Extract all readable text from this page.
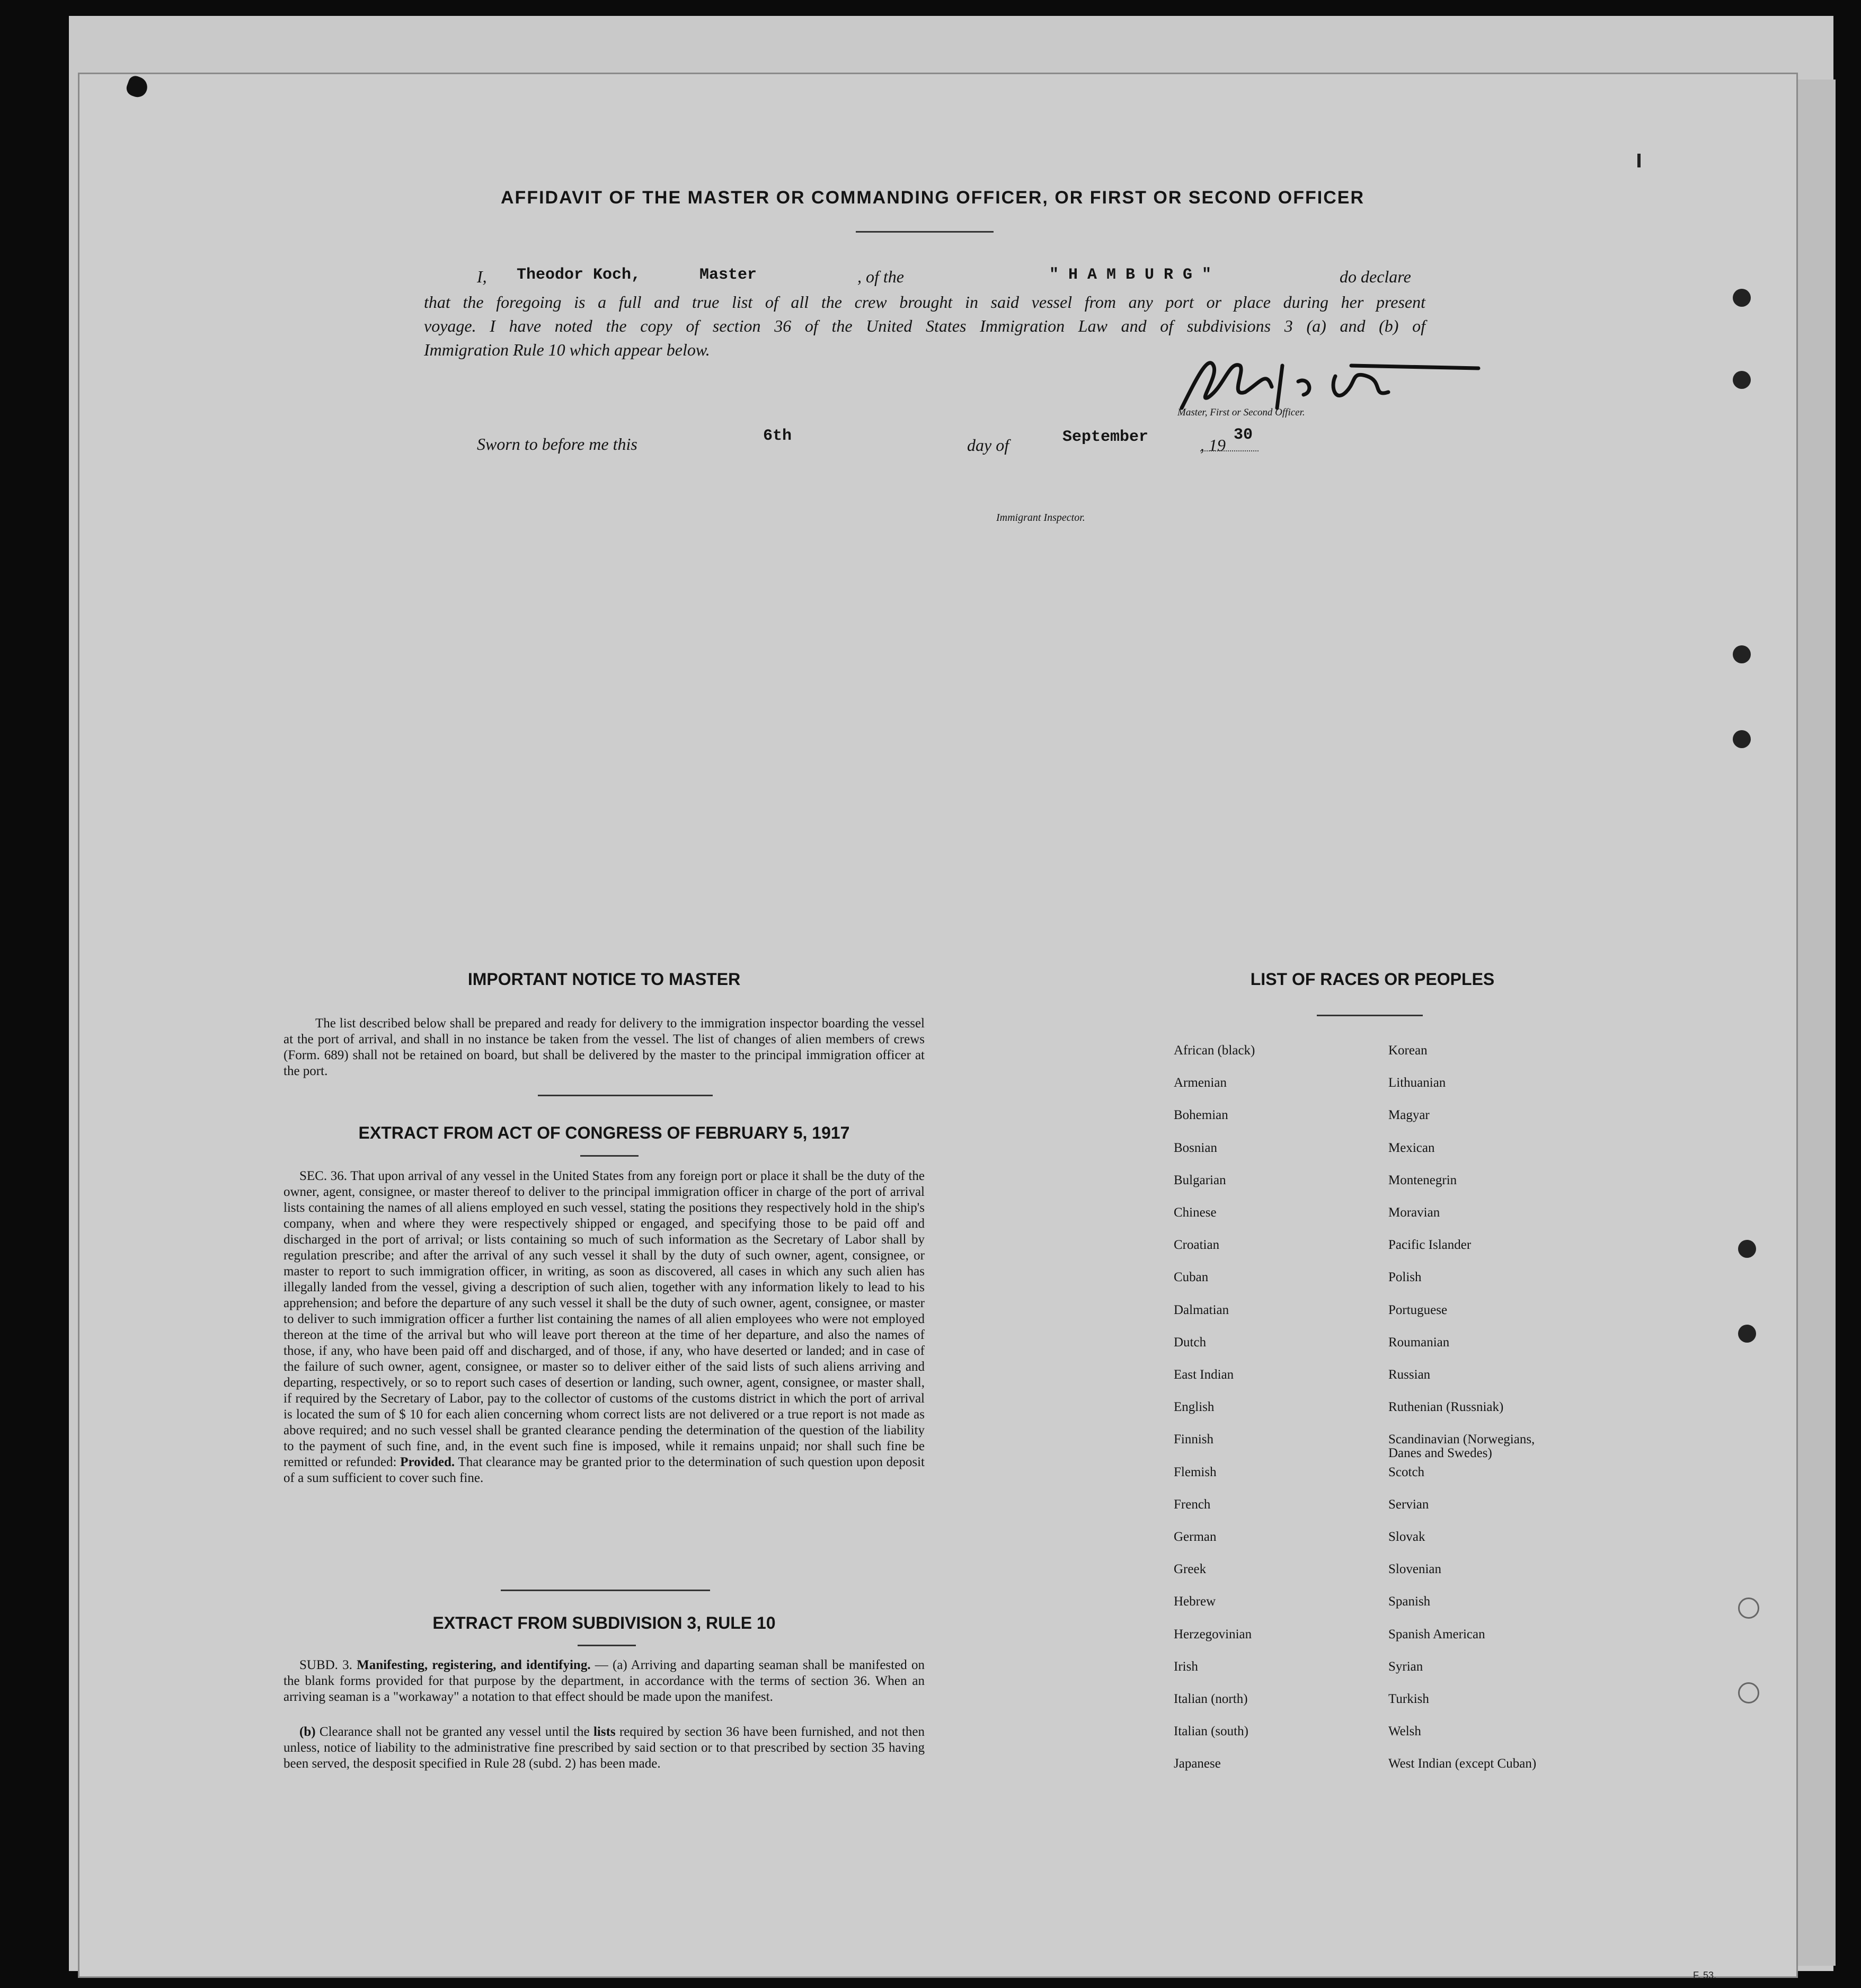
AFFIDAVIT OF THE MASTER OR COMMANDING OFFICER, OR FIRST OR SECOND OFFICER
I, Theodor Koch,	Master	, of the	" H A M B U R G "	do declare
that the foregoing is a full and true list of all the crew brought in said vessel from any port or place during her present
voyage. I have noted the copy of section 36 of the United States Immigration Law and of subdivisions 3 (a) and (b) of
Immigration Rule 10 which appear below.
Master, First or Second Officer.
Sworn to before me this	6th	day of	September	, 19
30
Immigrant Inspector.
IMPORTANT NOTICE TO MASTER
The list described below shall be prepared and ready for delivery to the immigration inspector boarding the vessel at the port of arrival, and shall in no instance be taken from the vessel. The list of changes of alien members of crews (Form. 689) shall not be retained on board, but shall be delivered by the master to the principal immigration officer at the port.
EXTRACT FROM ACT OF CONGRESS OF FEBRUARY 5, 1917
SEC. 36. That upon arrival of any vessel in the United States from any foreign port or place it shall be the duty of the owner, agent, consignee, or master thereof to deliver to the principal immigration officer in charge of the port of arrival lists containing the names of all aliens employed en such vessel, stating the positions they respectively hold in the ship's company, when and where they were respectively shipped or engaged, and specifying those to be paid off and discharged in the port of arrival; or lists containing so much of such information as the Secretary of Labor shall by regulation prescribe; and after the arrival of any such vessel it shall by the duty of such owner, agent, consignee, or master to report to such immigration officer, in writing, as soon as discovered, all cases in which any such alien has illegally landed from the vessel, giving a description of such alien, together with any information likely to lead to his apprehension; and before the departure of any such vessel it shall be the duty of such owner, agent, consignee, or master to deliver to such immigration officer a further list containing the names of all alien employees who were not employed thereon at the time of the arrival but who will leave port thereon at the time of her departure, and also the names of those, if any, who have been paid off and discharged, and of those, if any, who have deserted or landed; and in case of the failure of such owner, agent, consignee, or master so to deliver either of the said lists of such aliens arriving and departing, respectively, or so to report such cases of desertion or landing, such owner, agent, consignee, or master shall, if required by the Secretary of Labor, pay to the collector of customs of the customs district in which the port of arrival is located the sum of $ 10 for each alien concerning whom correct lists are not delivered or a true report is not made as above required; and no such vessel shall be granted clearance pending the determination of the question of the liability to the payment of such fine, and, in the event such fine is imposed, while it remains unpaid; nor shall such fine be remitted or refunded: Provided. That clearance may be granted prior to the determination of such question upon deposit of a sum sufficient to cover such fine.
EXTRACT FROM SUBDIVISION 3, RULE 10
SUBD. 3. Manifesting, registering, and identifying. — (a) Arriving and daparting seaman shall be manifested on the blank forms provided for that purpose by the department, in accordance with the terms of section 36. When an arriving seaman is a "workaway" a notation to that effect should be made upon the manifest.
(b) Clearance shall not be granted any vessel until the lists required by section 36 have been furnished, and not then unless, notice of liability to the administrative fine prescribed by said section or to that prescribed by section 35 having been served, the desposit specified in Rule 28 (subd. 2) has been made.
LIST OF RACES OR PEOPLES
African (black)
Armenian
Bohemian
Bosnian
Bulgarian
Chinese
Croatian
Cuban
Dalmatian
Dutch
East Indian
English
Finnish
Flemish
French
German
Greek
Hebrew
Herzegovinian
Irish
Italian (north)
Italian (south)
Japanese
Korean
Lithuanian
Magyar
Mexican
Montenegrin
Moravian
Pacific Islander
Polish
Portuguese
Roumanian
Russian
Ruthenian (Russniak)
Scandinavian (Norwegians,
Danes and Swedes)
Scotch
Servian
Slovak
Slovenian
Spanish
Spanish American
Syrian
Turkish
Welsh
West Indian (except Cuban)
F. 53.
